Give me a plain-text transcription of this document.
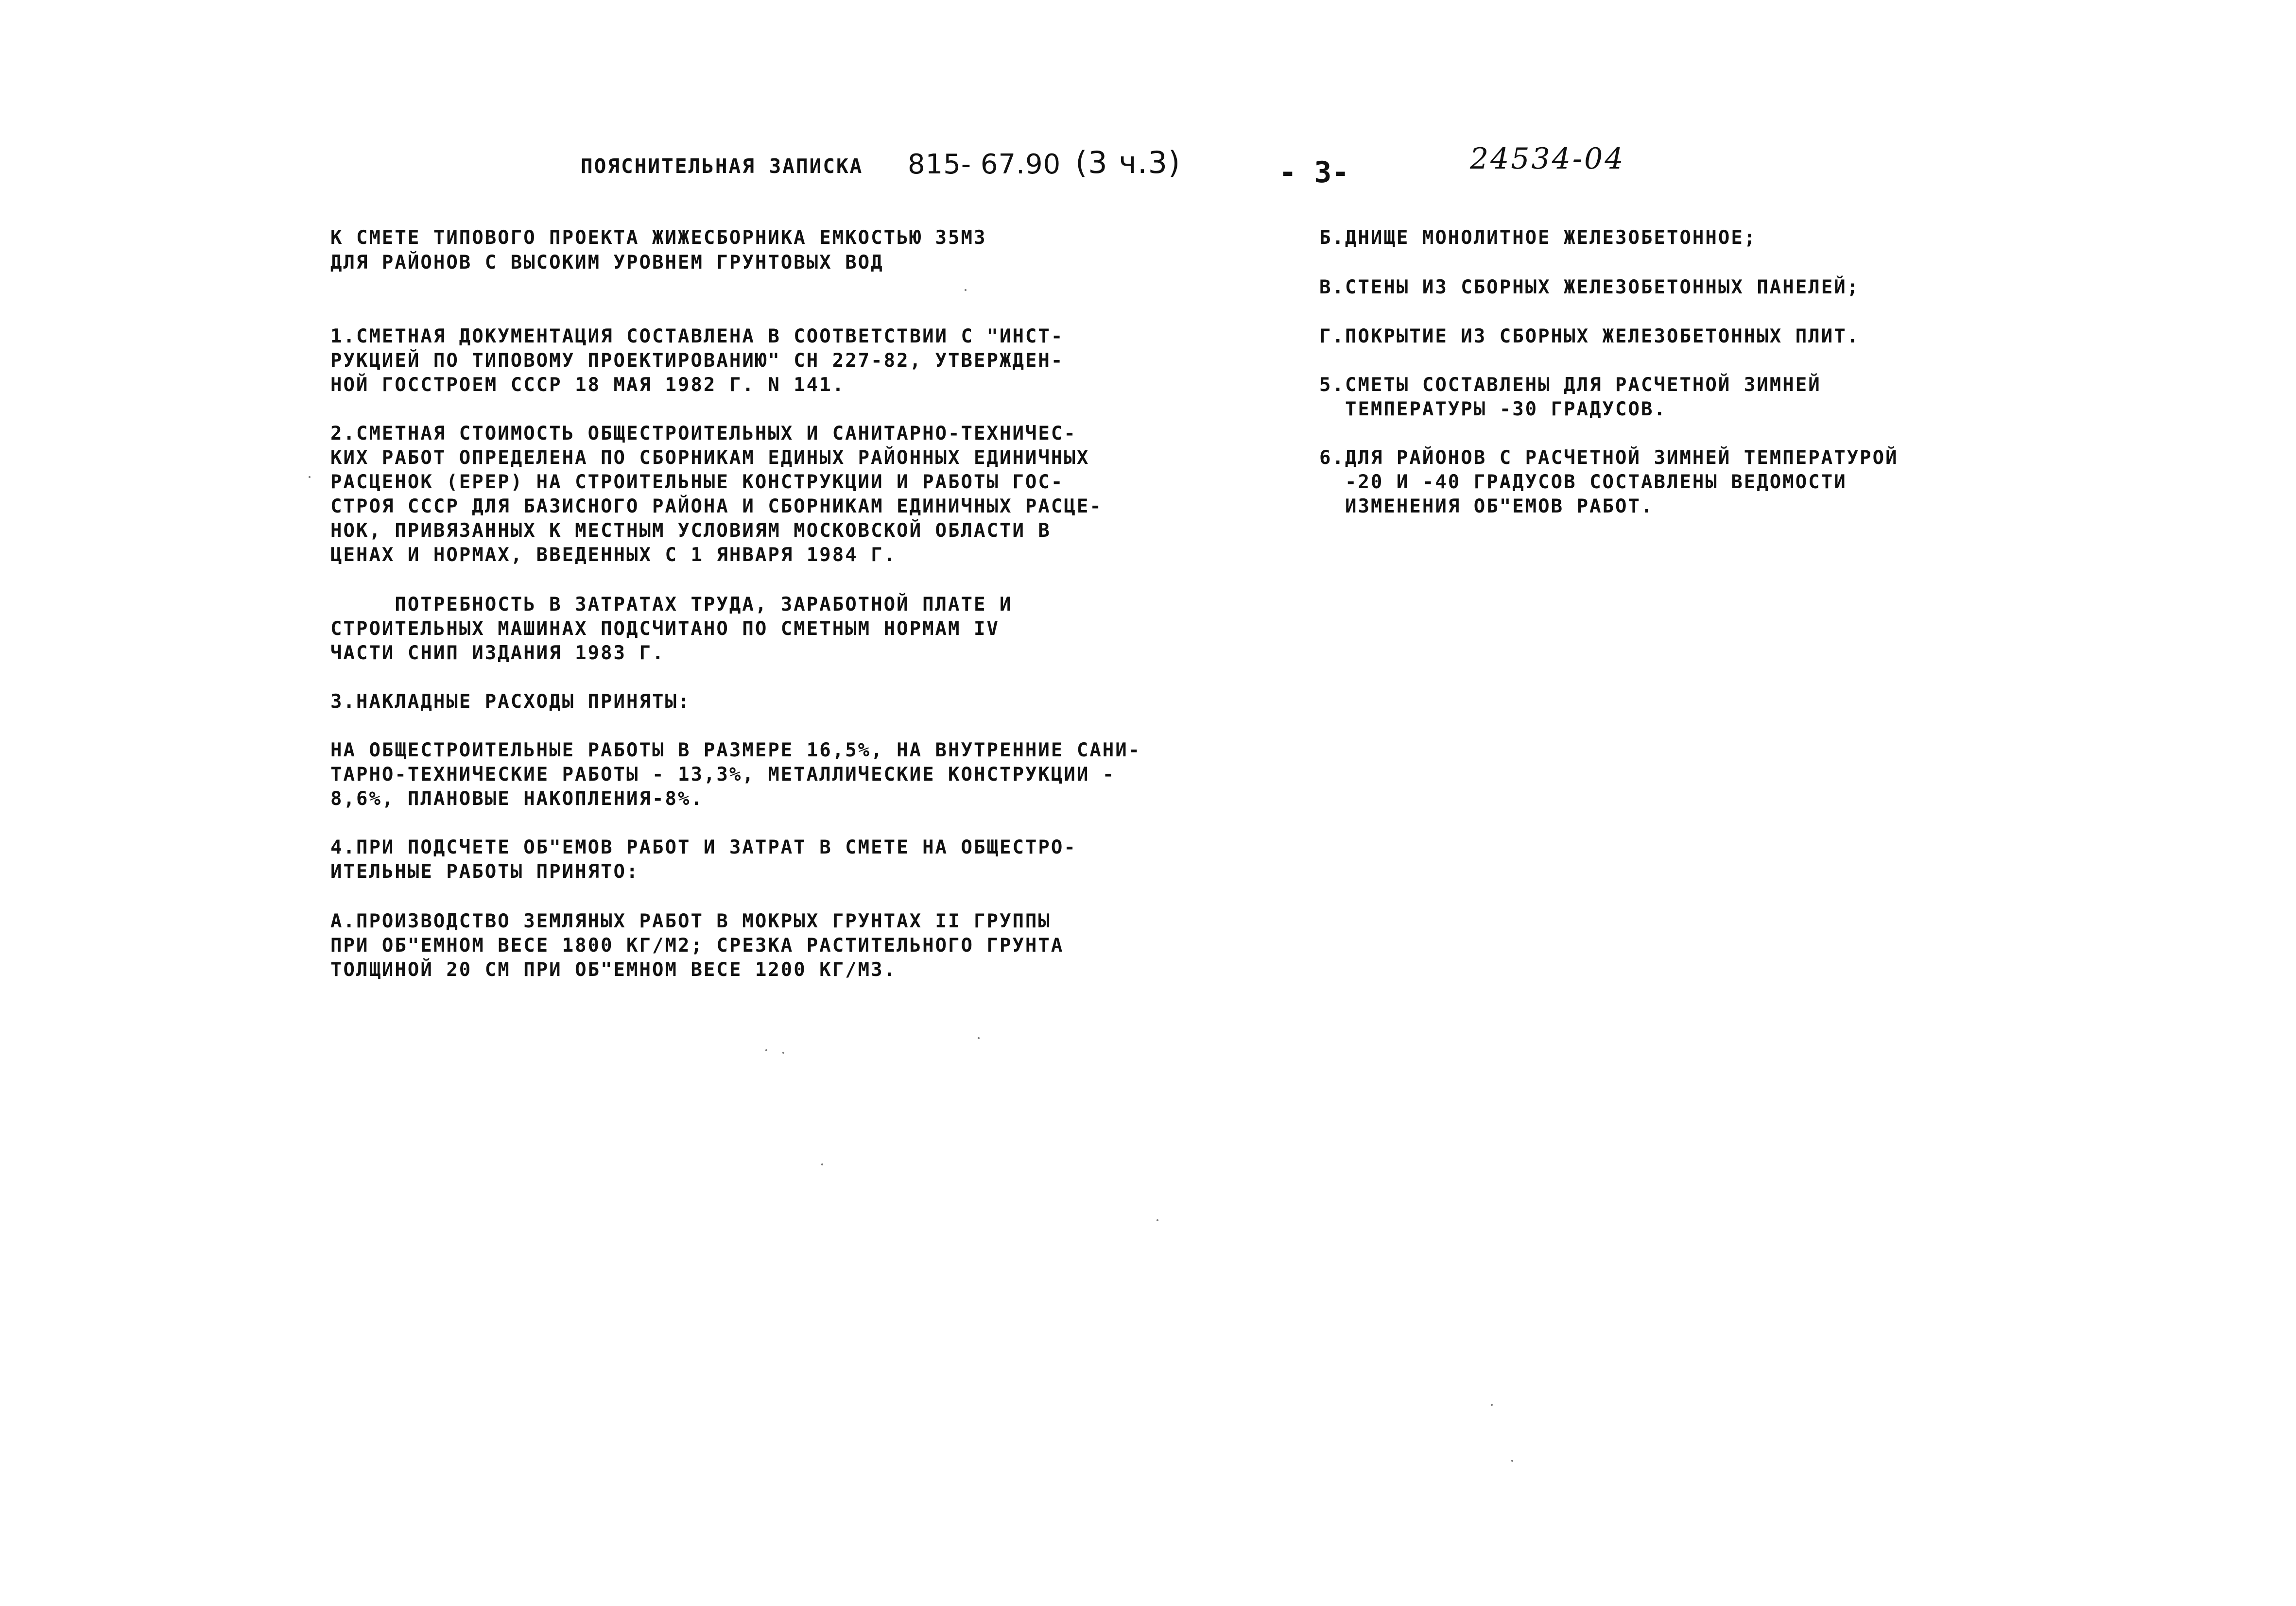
ПОЯСНИТЕЛЬНАЯ ЗАПИСКА 815- 67.90 (3 ч.3)	- 3-	24534-04
К СМЕТЕ ТИПОВОГО ПРОЕКТА ЖИЖЕСБОРНИКА ЕМКОСТЬЮ 35М3
ДЛЯ РАЙОНОВ С ВЫСОКИМ УРОВНЕМ ГРУНТОВЫХ ВОД
1.СМЕТНАЯ ДОКУМЕНТАЦИЯ СОСТАВЛЕНА В СООТВЕТСТВИИ С "ИНСТ-
РУКЦИЕЙ ПО ТИПОВОМУ ПРОЕКТИРОВАНИЮ" СН 227-82, УТВЕРЖДЕН-
НОЙ ГОССТРОЕМ СССР 18 МАЯ 1982 Г. N 141.
2.СМЕТНАЯ СТОИМОСТЬ ОБЩЕСТРОИТЕЛЬНЫХ И САНИТАРНО-ТЕХНИЧЕС-
КИХ РАБОТ ОПРЕДЕЛЕНА ПО СБОРНИКАМ ЕДИНЫХ РАЙОННЫХ ЕДИНИЧНЫХ
РАСЦЕНОК (ЕРЕР) НА СТРОИТЕЛЬНЫЕ КОНСТРУКЦИИ И РАБОТЫ ГОС-
СТРОЯ СССР ДЛЯ БАЗИСНОГО РАЙОНА И СБОРНИКАМ ЕДИНИЧНЫХ РАСЦЕ-
НОК, ПРИВЯЗАННЫХ К МЕСТНЫМ УСЛОВИЯМ МОСКОВСКОЙ ОБЛАСТИ В
ЦЕНАХ И НОРМАХ, ВВЕДЕННЫХ С 1 ЯНВАРЯ 1984 Г.
ПОТРЕБНОСТЬ В ЗАТРАТАХ ТРУДА, ЗАРАБОТНОЙ ПЛАТЕ И
СТРОИТЕЛЬНЫХ МАШИНАХ ПОДСЧИТАНО ПО СМЕТНЫМ НОРМАМ IV
ЧАСТИ СНИП ИЗДАНИЯ 1983 Г.
3.НАКЛАДНЫЕ РАСХОДЫ ПРИНЯТЫ:
НА ОБЩЕСТРОИТЕЛЬНЫЕ РАБОТЫ В РАЗМЕРЕ 16,5%, НА ВНУТРЕННИЕ САНИ-
ТАРНО-ТЕХНИЧЕСКИЕ РАБОТЫ - 13,3%, МЕТАЛЛИЧЕСКИЕ КОНСТРУКЦИИ -
8,6%, ПЛАНОВЫЕ НАКОПЛЕНИЯ-8%.
4.ПРИ ПОДСЧЕТЕ ОБ"ЕМОВ РАБОТ И ЗАТРАТ В СМЕТЕ НА ОБЩЕСТРО-
ИТЕЛЬНЫЕ РАБОТЫ ПРИНЯТО:
А.ПРОИЗВОДСТВО ЗЕМЛЯНЫХ РАБОТ В МОКРЫХ ГРУНТАХ II ГРУППЫ
ПРИ ОБ"ЕМНОМ ВЕСЕ 1800 КГ/М2; СРЕЗКА РАСТИТЕЛЬНОГО ГРУНТА
ТОЛЩИНОЙ 20 СМ ПРИ ОБ"ЕМНОМ ВЕСЕ 1200 КГ/М3.
Б.ДНИЩЕ МОНОЛИТНОЕ ЖЕЛЕЗОБЕТОННОЕ;
В.СТЕНЫ ИЗ СБОРНЫХ ЖЕЛЕЗОБЕТОННЫХ ПАНЕЛЕЙ;
Г.ПОКРЫТИЕ ИЗ СБОРНЫХ ЖЕЛЕЗОБЕТОННЫХ ПЛИТ.
5.СМЕТЫ СОСТАВЛЕНЫ ДЛЯ РАСЧЕТНОЙ ЗИМНЕЙ
ТЕМПЕРАТУРЫ -30 ГРАДУСОВ.
6.ДЛЯ РАЙОНОВ С РАСЧЕТНОЙ ЗИМНЕЙ ТЕМПЕРАТУРОЙ
-20 И -40 ГРАДУСОВ СОСТАВЛЕНЫ ВЕДОМОСТИ
ИЗМЕНЕНИЯ ОБ"ЕМОВ РАБОТ.
